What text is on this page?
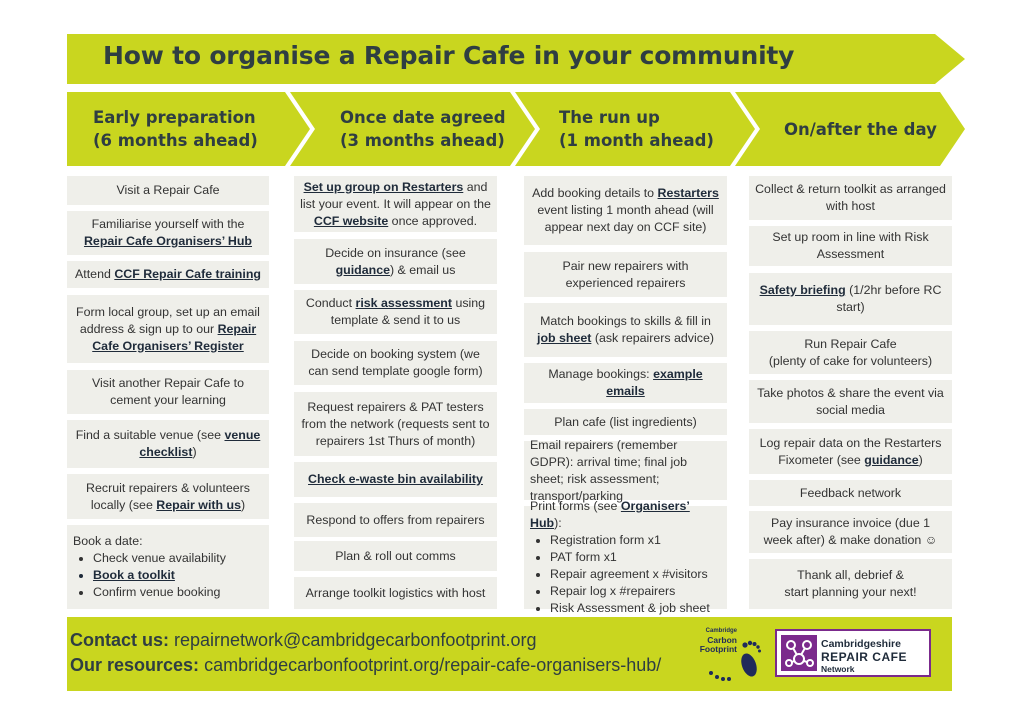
How to organise a Repair Cafe in your community
Early preparation
(6 months ahead)
Once date agreed
(3 months ahead)
The run up
(1 month ahead)
On/after the day
Visit a Repair Cafe
Familiarise yourself with the
Repair Cafe Organisers’ Hub
Attend CCF Repair Cafe training
Form local group, set up an email address & sign up to our Repair Cafe Organisers’ Register
Visit another Repair Cafe to cement your learning
Find a suitable venue (see venue checklist)
Recruit repairers & volunteers locally (see Repair with us)
Book a date:
• Check venue availability
• Book a toolkit
• Confirm venue booking
Set up group on Restarters and list your event. It will appear on the CCF website once approved.
Decide on insurance (see guidance) & email us
Conduct risk assessment using template & send it to us
Decide on booking system (we can send template google form)
Request repairers & PAT testers from the network (requests sent to repairers 1st Thurs of month)
Check e-waste bin availability
Respond to offers from repairers
Plan & roll out comms
Arrange toolkit logistics with host
Add booking details to Restarters event listing 1 month ahead (will appear next day on CCF site)
Pair new repairers with experienced repairers
Match bookings to skills & fill in job sheet (ask repairers advice)
Manage bookings: example emails
Plan cafe (list ingredients)
Email repairers (remember GDPR): arrival time; final job sheet; risk assessment; transport/parking
Print forms (see Organisers’ Hub):
• Registration form x1
• PAT form x1
• Repair agreement x #visitors
• Repair log x #repairers
• Risk Assessment & job sheet
Collect & return toolkit as arranged with host
Set up room in line with Risk Assessment
Safety briefing (1/2hr before RC start)
Run Repair Cafe
(plenty of cake for volunteers)
Take photos & share the event via social media
Log repair data on the Restarters Fixometer (see guidance)
Feedback network
Pay insurance invoice (due 1 week after) & make donation ☺
Thank all, debrief &
start planning your next!
Contact us: repairnetwork@cambridgecarbonfootprint.org
Our resources: cambridgecarbonfootprint.org/repair-cafe-organisers-hub/
Cambridge
Carbon
Footprint	Cambridgeshire
REPAIR CAFE
Network
